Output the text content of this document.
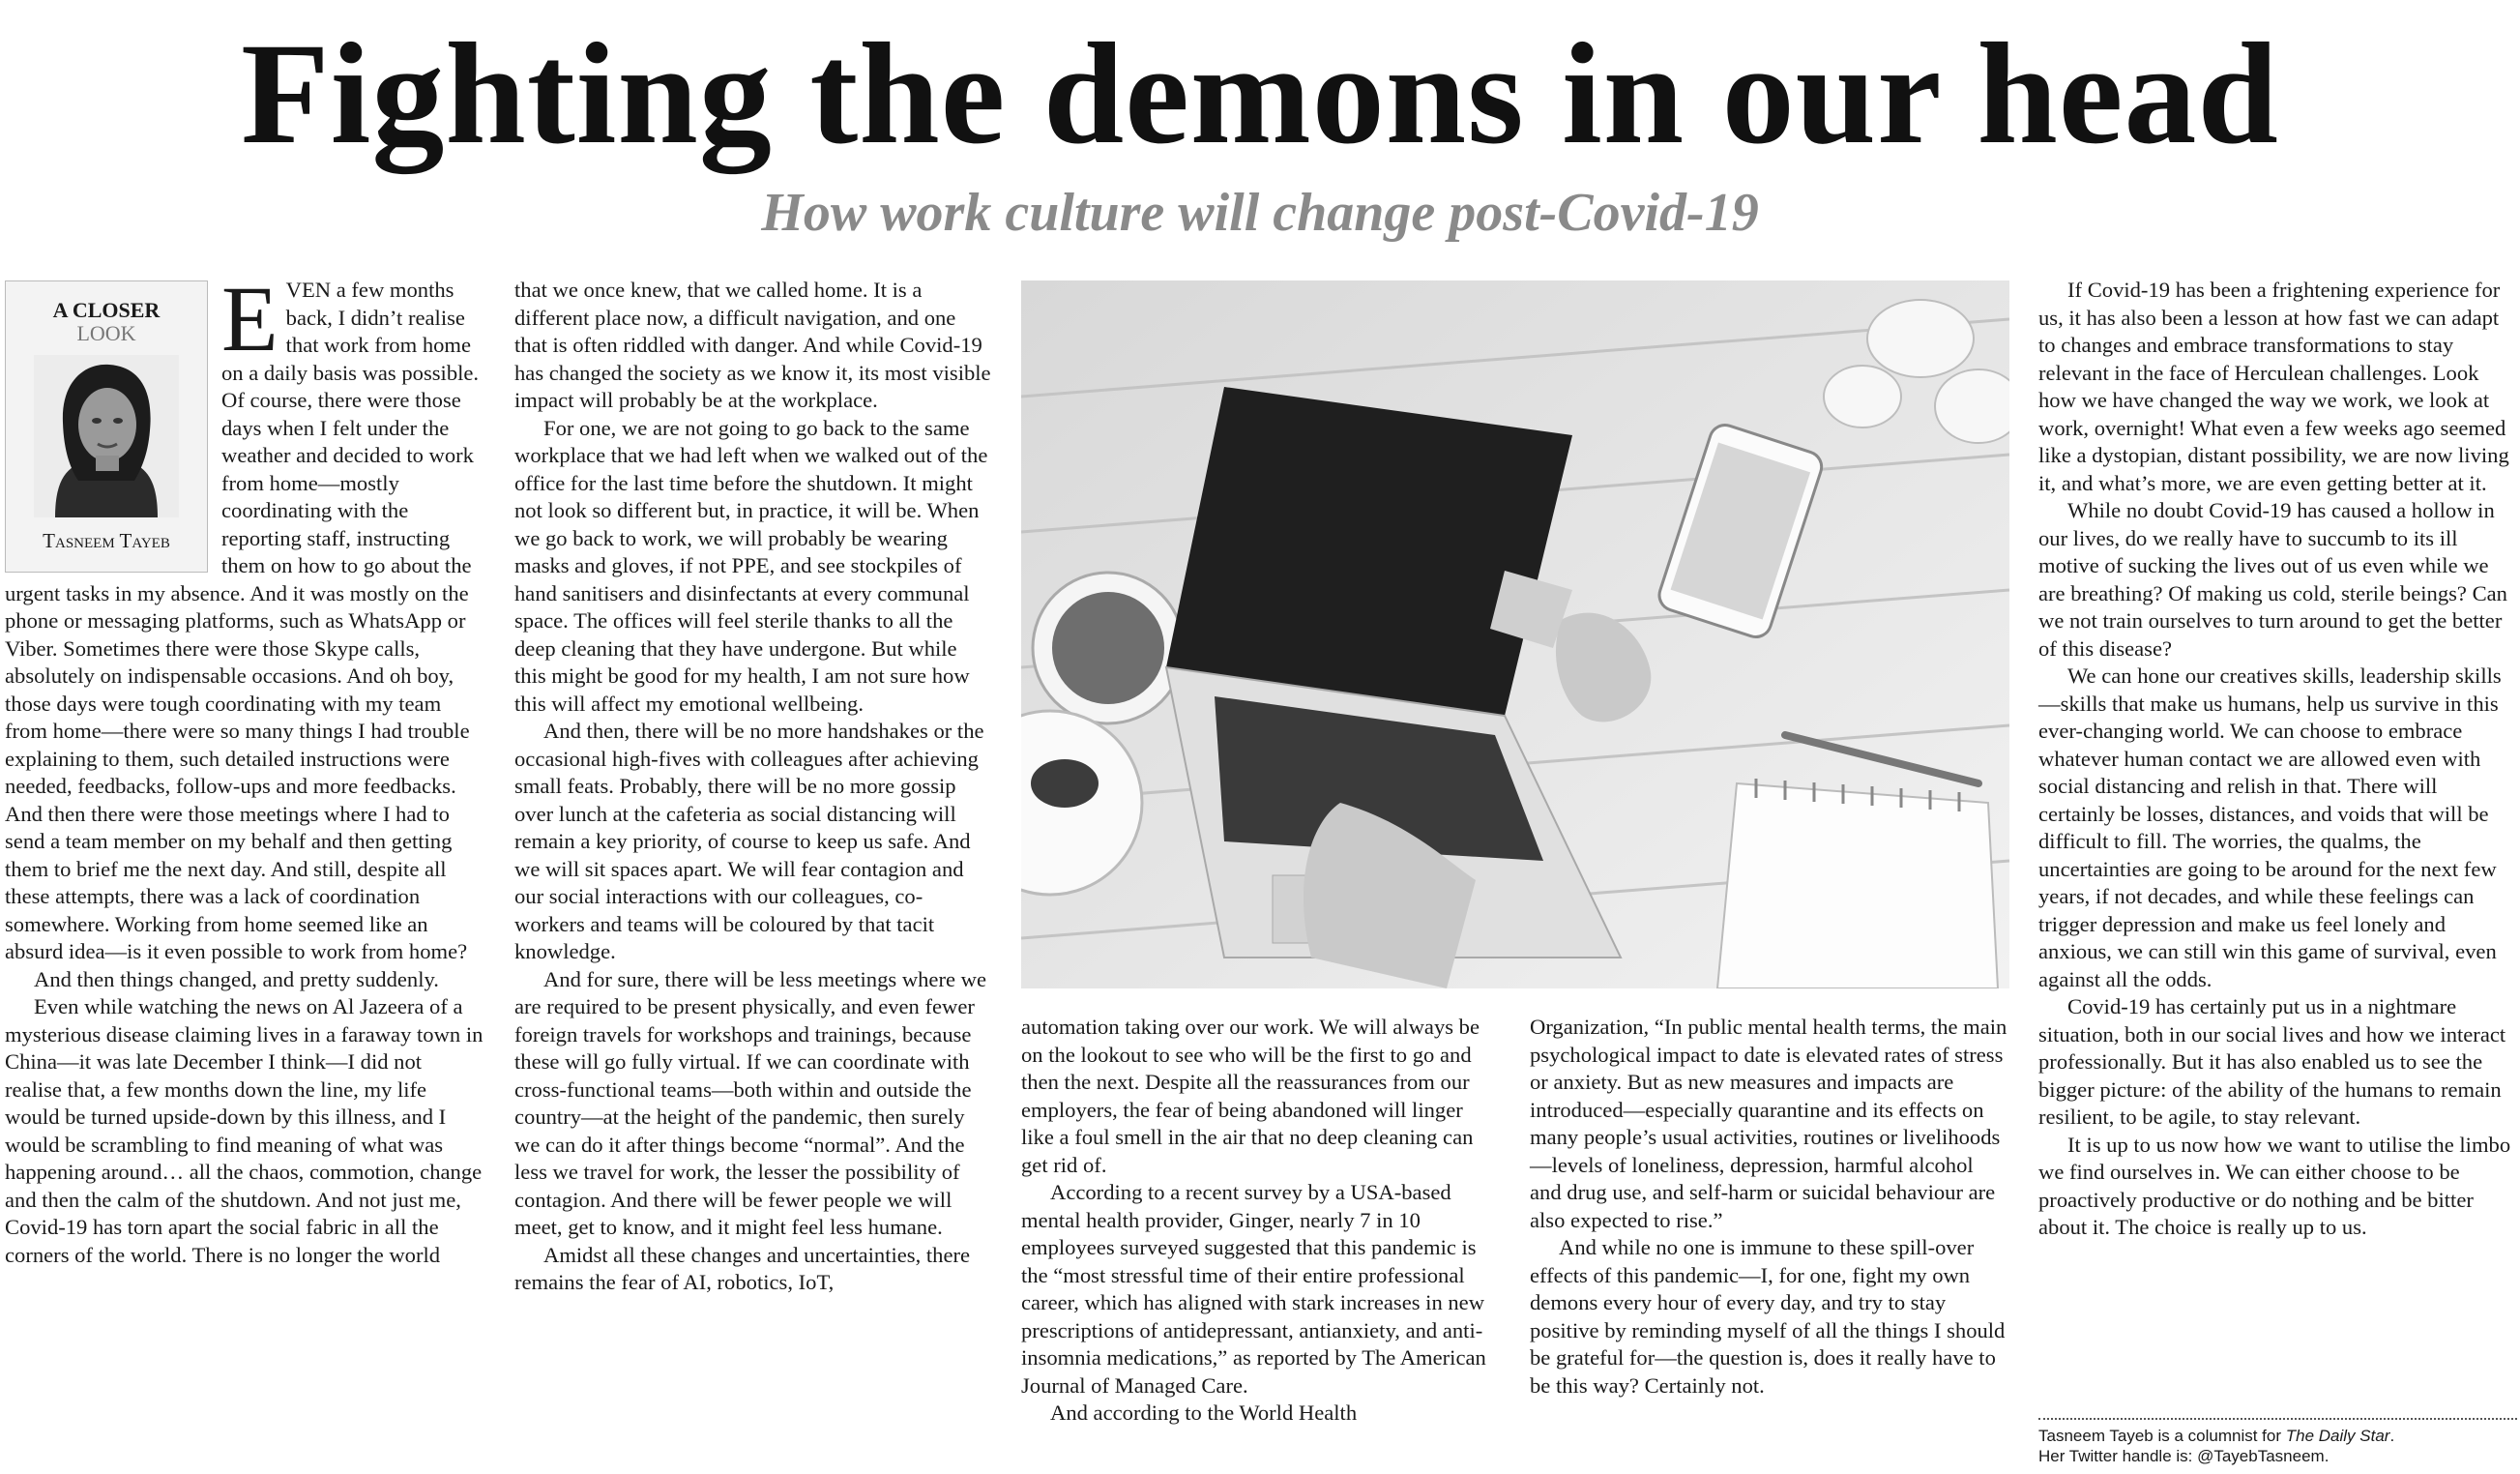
Fighting the demons in our head
How work culture will change post-Covid-19
A CLOSER
LOOK
Tasneem Tayeb
E VEN a few months back, I didn’t realise that work from home on a daily basis was possible. Of course, there were those days when I felt under the weather and decided to work from home—mostly coordinating with the reporting staff, instructing them on how to go about the urgent tasks in my absence. And it was mostly on the phone or messaging platforms, such as WhatsApp or Viber. Sometimes there were those Skype calls, absolutely on indispensable occasions. And oh boy, those days were tough coordinating with my team from home—there were so many things I had trouble explaining to them, such detailed instructions were needed, feedbacks, follow-ups and more feedbacks. And then there were those meetings where I had to send a team member on my behalf and then getting them to brief me the next day. And still, despite all these attempts, there was a lack of coordination somewhere. Working from home seemed like an absurd idea—is it even possible to work from home?

And then things changed, and pretty suddenly.

Even while watching the news on Al Jazeera of a mysterious disease claiming lives in a faraway town in China—it was late December I think—I did not realise that, a few months down the line, my life would be turned upside-down by this illness, and I would be scrambling to find meaning of what was happening around… all the chaos, commotion, change and then the calm of the shutdown. And not just me, Covid-19 has torn apart the social fabric in all the corners of the world. There is no longer the world

that we once knew, that we called home. It is a different place now, a difficult navigation, and one that is often riddled with danger. And while Covid-19 has changed the society as we know it, its most visible impact will probably be at the workplace.

For one, we are not going to go back to the same workplace that we had left when we walked out of the office for the last time before the shutdown. It might not look so different but, in practice, it will be. When we go back to work, we will probably be wearing masks and gloves, if not PPE, and see stockpiles of hand sanitisers and disinfectants at every communal space. The offices will feel sterile thanks to all the deep cleaning that they have undergone. But while this might be good for my health, I am not sure how this will affect my emotional wellbeing.

And then, there will be no more handshakes or the occasional high-fives with colleagues after achieving small feats. Probably, there will be no more gossip over lunch at the cafeteria as social distancing will remain a key priority, of course to keep us safe. And we will sit spaces apart. We will fear contagion and our social interactions with our colleagues, co-workers and teams will be coloured by that tacit knowledge.

And for sure, there will be less meetings where we are required to be present physically, and even fewer foreign travels for workshops and trainings, because these will go fully virtual. If we can coordinate with cross-functional teams—both within and outside the country—at the height of the pandemic, then surely we can do it after things become “normal”. And the less we travel for work, the lesser the possibility of contagion. And there will be fewer people we will meet, get to know, and it might feel less humane.

Amidst all these changes and uncertainties, there remains the fear of AI, robotics, IoT,

automation taking over our work. We will always be on the lookout to see who will be the first to go and then the next. Despite all the reassurances from our employers, the fear of being abandoned will linger like a foul smell in the air that no deep cleaning can get rid of.

According to a recent survey by a USA-based mental health provider, Ginger, nearly 7 in 10 employees surveyed suggested that this pandemic is the “most stressful time of their entire professional career, which has aligned with stark increases in new prescriptions of antidepressant, antianxiety, and anti-insomnia medications,” as reported by The American Journal of Managed Care.

And according to the World Health

Organization, “In public mental health terms, the main psychological impact to date is elevated rates of stress or anxiety. But as new measures and impacts are introduced—especially quarantine and its effects on many people’s usual activities, routines or livelihoods—levels of loneliness, depression, harmful alcohol and drug use, and self-harm or suicidal behaviour are also expected to rise.”

And while no one is immune to these spill-over effects of this pandemic—I, for one, fight my own demons every hour of every day, and try to stay positive by reminding myself of all the things I should be grateful for—the question is, does it really have to be this way? Certainly not.

If Covid-19 has been a frightening experience for us, it has also been a lesson at how fast we can adapt to changes and embrace transformations to stay relevant in the face of Herculean challenges. Look how we have changed the way we work, we look at work, overnight! What even a few weeks ago seemed like a dystopian, distant possibility, we are now living it, and what’s more, we are even getting better at it.

While no doubt Covid-19 has caused a hollow in our lives, do we really have to succumb to its ill motive of sucking the lives out of us even while we are breathing? Of making us cold, sterile beings? Can we not train ourselves to turn around to get the better of this disease?

We can hone our creatives skills, leadership skills—skills that make us humans, help us survive in this ever-changing world. We can choose to embrace whatever human contact we are allowed even with social distancing and relish in that. There will certainly be losses, distances, and voids that will be difficult to fill. The worries, the qualms, the uncertainties are going to be around for the next few years, if not decades, and while these feelings can trigger depression and make us feel lonely and anxious, we can still win this game of survival, even against all the odds.

Covid-19 has certainly put us in a nightmare situation, both in our social lives and how we interact professionally. But it has also enabled us to see the bigger picture: of the ability of the humans to remain resilient, to be agile, to stay relevant.

It is up to us now how we want to utilise the limbo we find ourselves in. We can either choose to be proactively productive or do nothing and be bitter about it. The choice is really up to us.

Tasneem Tayeb is a columnist for The Daily Star.
Her Twitter handle is: @TayebTasneem.
